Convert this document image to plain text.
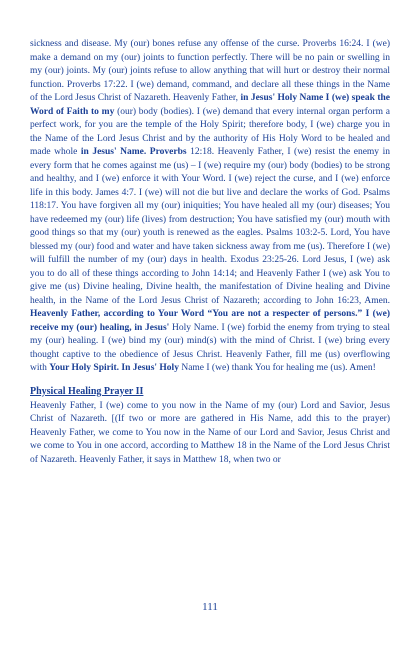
sickness and disease. My (our) bones refuse any offense of the curse. Proverbs 16:24. I (we) make a demand on my (our) joints to function perfectly. There will be no pain or swelling in my (our) joints. My (our) joints refuse to allow anything that will hurt or destroy their normal function. Proverbs 17:22. I (we) demand, command, and declare all these things in the Name of the Lord Jesus Christ of Nazareth. Heavenly Father, in Jesus' Holy Name I (we) speak the Word of Faith to my (our) body (bodies). I (we) demand that every internal organ perform a perfect work, for you are the temple of the Holy Spirit; therefore body, I (we) charge you in the Name of the Lord Jesus Christ and by the authority of His Holy Word to be healed and made whole in Jesus' Name. Proverbs 12:18. Heavenly Father, I (we) resist the enemy in every form that he comes against me (us) – I (we) require my (our) body (bodies) to be strong and healthy, and I (we) enforce it with Your Word. I (we) reject the curse, and I (we) enforce life in this body. James 4:7. I (we) will not die but live and declare the works of God. Psalms 118:17. You have forgiven all my (our) iniquities; You have healed all my (our) diseases; You have redeemed my (our) life (lives) from destruction; You have satisfied my (our) mouth with good things so that my (our) youth is renewed as the eagles. Psalms 103:2-5. Lord, You have blessed my (our) food and water and have taken sickness away from me (us). Therefore I (we) will fulfill the number of my (our) days in health. Exodus 23:25-26. Lord Jesus, I (we) ask you to do all of these things according to John 14:14; and Heavenly Father I (we) ask You to give me (us) Divine healing, Divine health, the manifestation of Divine healing and Divine health, in the Name of the Lord Jesus Christ of Nazareth; according to John 16:23, Amen. Heavenly Father, according to Your Word “You are not a respecter of persons.” I (we) receive my (our) healing, in Jesus' Holy Name. I (we) forbid the enemy from trying to steal my (our) healing. I (we) bind my (our) mind(s) with the mind of Christ. I (we) bring every thought captive to the obedience of Jesus Christ. Heavenly Father, fill me (us) overflowing with Your Holy Spirit. In Jesus' Holy Name I (we) thank You for healing me (us). Amen!

Physical Healing Prayer II

Heavenly Father, I (we) come to you now in the Name of my (our) Lord and Savior, Jesus Christ of Nazareth. [(If two or more are gathered in His Name, add this to the prayer) Heavenly Father, we come to You now in the Name of our Lord and Savior, Jesus Christ and we come to You in one accord, according to Matthew 18 in the Name of the Lord Jesus Christ of Nazareth. Heavenly Father, it says in Matthew 18, when two or

111
